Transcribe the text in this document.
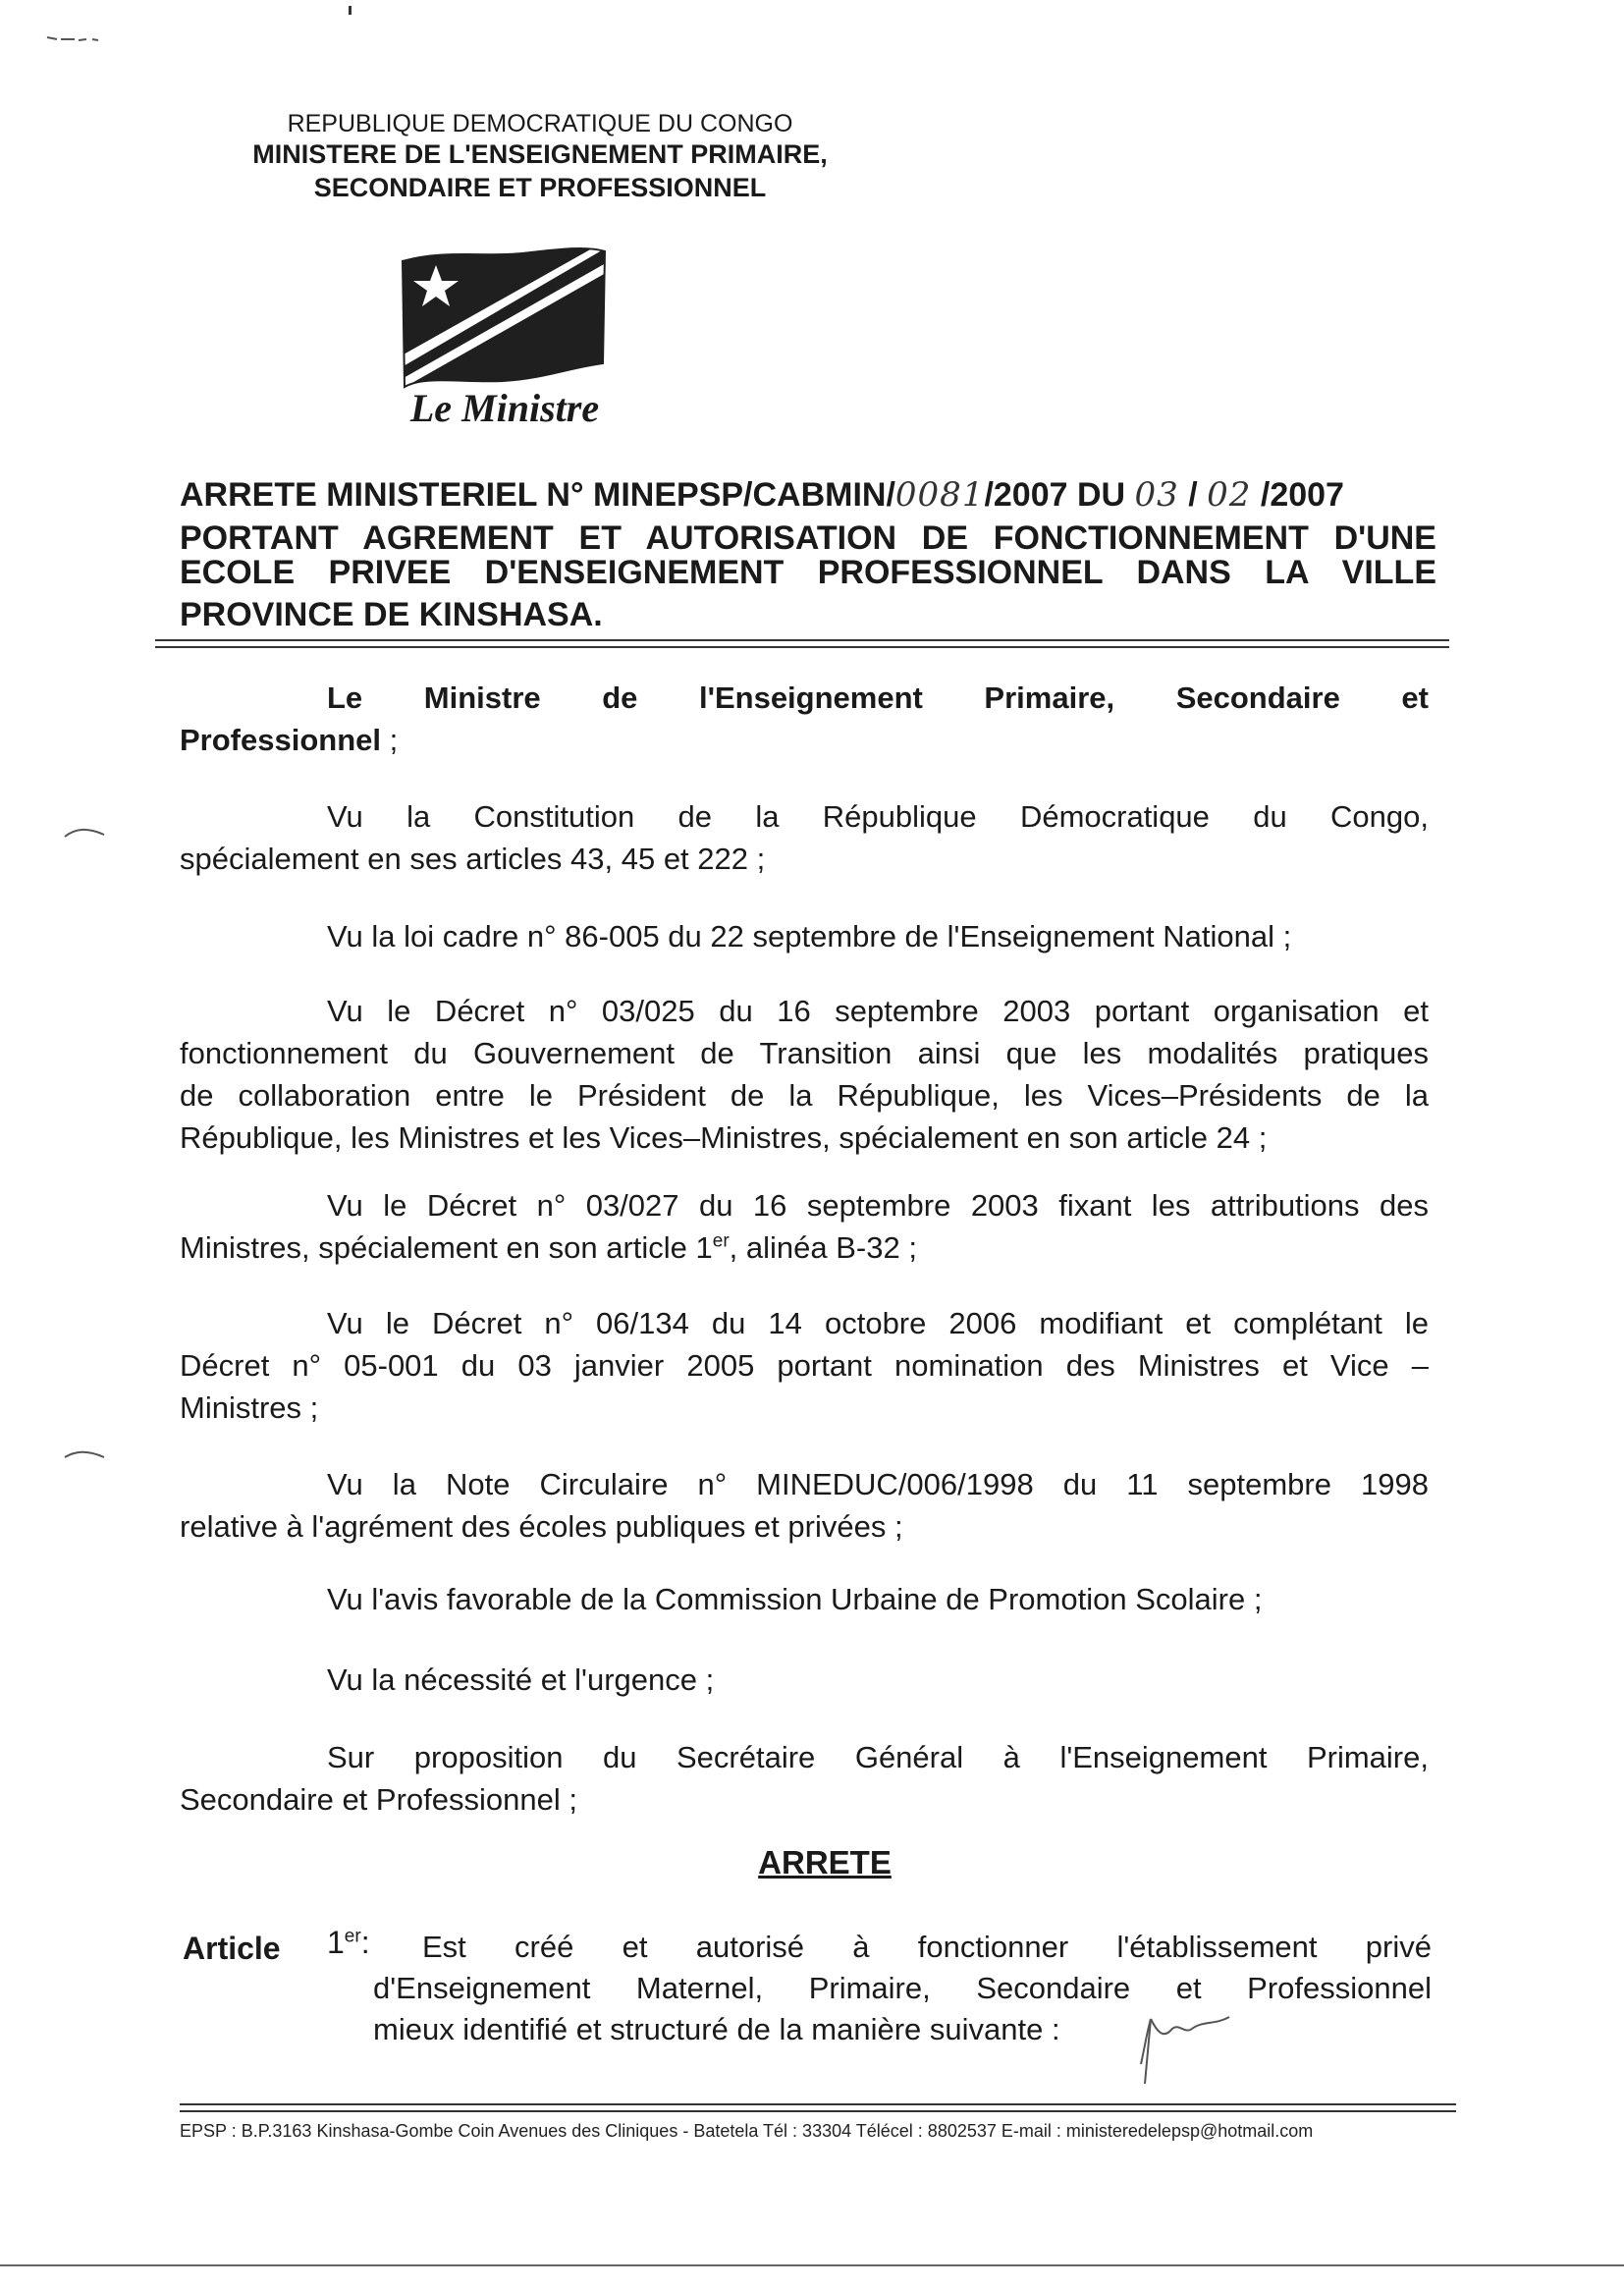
REPUBLIQUE DEMOCRATIQUE DU CONGO
MINISTERE DE L'ENSEIGNEMENT PRIMAIRE,
SECONDAIRE ET PROFESSIONNEL
Le Ministre
ARRETE MINISTERIEL N° MINEPSP/CABMIN/0081/2007 DU 03 / 02 /2007
PORTANT AGREMENT ET AUTORISATION DE FONCTIONNEMENT D'UNE
ECOLE PRIVEE D'ENSEIGNEMENT PROFESSIONNEL DANS LA VILLE
PROVINCE DE KINSHASA.
Le Ministre de l'Enseignement Primaire, Secondaire et
Professionnel ;
Vu la Constitution de la République Démocratique du Congo,
spécialement en ses articles 43, 45 et 222 ;
Vu la loi cadre n° 86-005 du 22 septembre de l'Enseignement National ;
Vu le Décret n° 03/025 du 16 septembre 2003 portant organisation et
fonctionnement du Gouvernement de Transition ainsi que les modalités pratiques
de collaboration entre le Président de la République, les Vices–Présidents de la
République, les Ministres et les Vices–Ministres, spécialement en son article 24 ;
Vu le Décret n° 03/027 du 16 septembre 2003 fixant les attributions des
Ministres, spécialement en son article 1er, alinéa B-32 ;
Vu le Décret n° 06/134 du 14 octobre 2006 modifiant et complétant le
Décret n° 05-001 du 03 janvier 2005 portant nomination des Ministres et Vice –
Ministres ;
Vu la Note Circulaire n° MINEDUC/006/1998 du 11 septembre 1998
relative à l'agrément des écoles publiques et privées ;
Vu l'avis favorable de la Commission Urbaine de Promotion Scolaire ;
Vu la nécessité et l'urgence ;
Sur proposition du Secrétaire Général à l'Enseignement Primaire,
Secondaire et Professionnel ;
ARRETE
Article 1er:	Est créé et autorisé à fonctionner l'établissement privé
d'Enseignement Maternel, Primaire, Secondaire et Professionnel
mieux identifié et structuré de la manière suivante :
EPSP : B.P.3163 Kinshasa-Gombe Coin Avenues des Cliniques - Batetela Tél : 33304 Télécel : 8802537 E-mail : ministeredelepsp@hotmail.com
